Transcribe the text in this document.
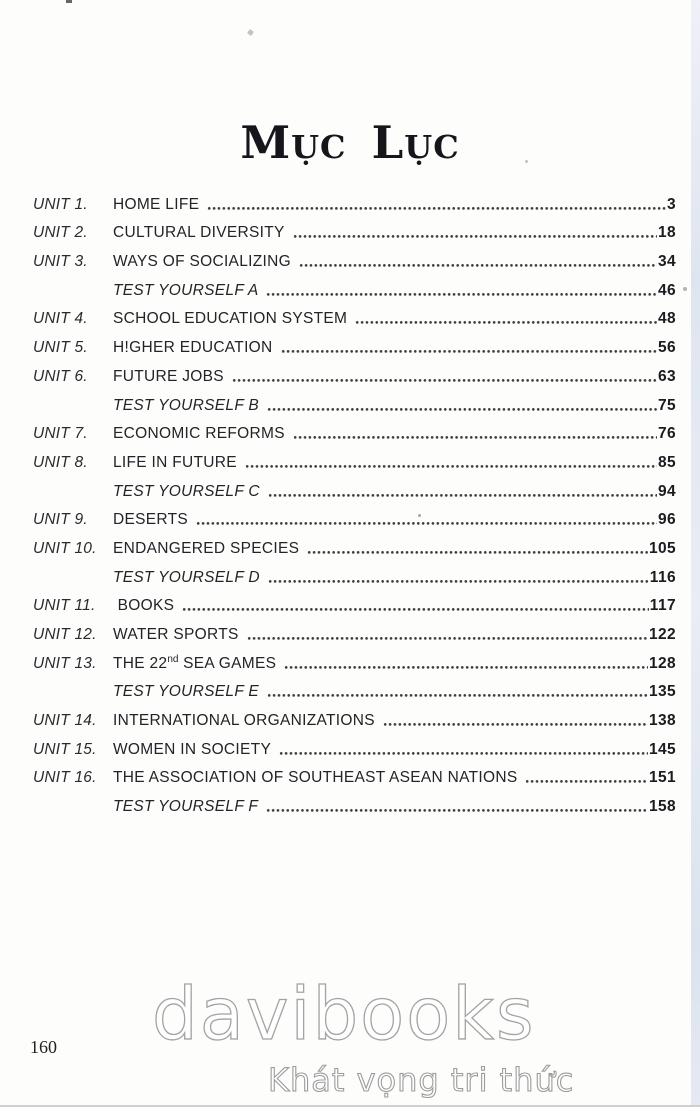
MỤC LỤC
UNIT 1.	HOME LIFE	3
UNIT 2.	CULTURAL DIVERSITY	18
UNIT 3.	WAYS OF SOCIALIZING	34
TEST YOURSELF A	46
UNIT 4.	SCHOOL EDUCATION SYSTEM	48
UNIT 5.	H!GHER EDUCATION	56
UNIT 6.	FUTURE JOBS	63
TEST YOURSELF B	75
UNIT 7.	ECONOMIC REFORMS	76
UNIT 8.	LIFE IN FUTURE	85
TEST YOURSELF C	94
UNIT 9.	DESERTS	96
UNIT 10.	ENDANGERED SPECIES	105
TEST YOURSELF D	116
UNIT 11.	BOOKS	117
UNIT 12.	WATER SPORTS	122
UNIT 13.	THE 22nd SEA GAMES	128
TEST YOURSELF E	135
UNIT 14.	INTERNATIONAL ORGANIZATIONS	138
UNIT 15.	WOMEN IN SOCIETY	145
UNIT 16.	THE ASSOCIATION OF SOUTHEAST ASEAN NATIONS	151
TEST YOURSELF F	158
160 davibooks
Khát vọng tri thức
